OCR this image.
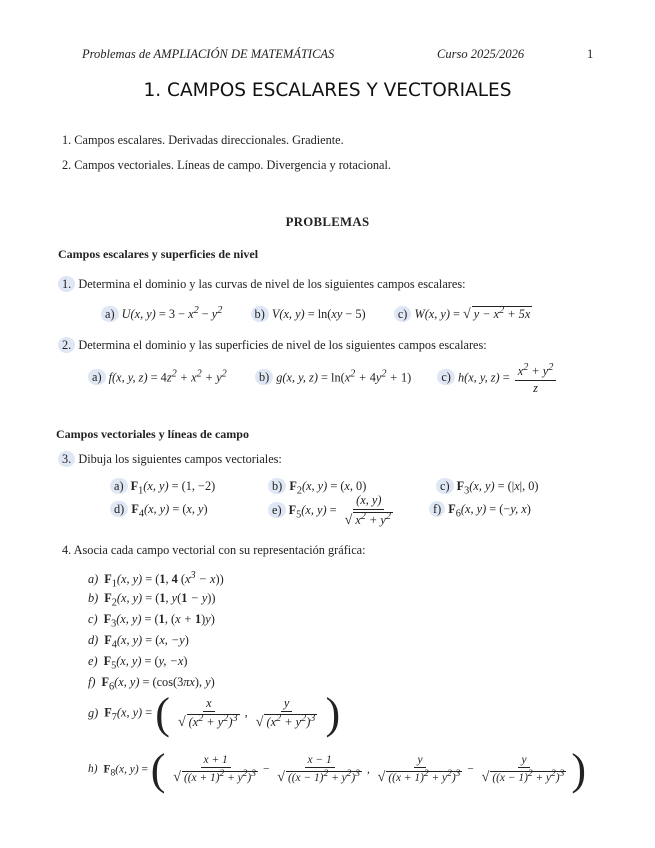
Problemas de AMPLIACIÓN DE MATEMÁTICAS	Curso 2025/2026	1
1. CAMPOS ESCALARES Y VECTORIALES
1. Campos escalares. Derivadas direccionales. Gradiente.
2. Campos vectoriales. Líneas de campo. Divergencia y rotacional.
PROBLEMAS
Campos escalares y superficies de nivel
1. Determina el dominio y las curvas de nivel de los siguientes campos escalares:
a) U(x, $y) = 3 - x^2 - y^2$	b) V(x, y) = ln(xy − 5)	c) W(x, y) = √ $y - x^2 + 5x$
2. Determina el dominio y las superficies de nivel de los siguientes campos escalares:
a) f(x, y, $z) = 4z^2 + x^2 + y^2$	b) g(x, y, $z) = \ln(x^2 + 4y^2 + 1)$ c) h(x, y, $z) = \frac{x^2 + y^2}{z}$
Campos vectoriales y líneas de campo
3. Dibuja los siguientes campos vectoriales:
a) $F_1(x$, y) = (1, −2)	b) $F_2(x$, y) = (x, 0)	c) $F_3(x$, y) = (|x|, 0)
d) $F_4(x$, y) = (x, y)	e) $F_5(x$, $y) = \frac{(x, y)}{√ x^2 + y^2}$	f) $F_6(x$, y) = (−y, x)
4. Asocia cada campo vectorial con su representación gráfica:
a) $F_1(x$, y) = (1, 4 $(x^3 - x)$)
b) $F_2(x$, y) = (1, y(1 − y))
c) $F_3(x$, y) = (1, (x + 1)y)
d) $F_4(x$, y) = (x, −y)
e) $F_5(x$, y) = (y, −x)
f) $F_6(x$, y) = (cos(3πx), y)
g) $F_7(x$, y) = ( $\frac{x}{√ (x^2 + y^2)^3}$ , $\frac{y}{√ (x^2 + y^2)^3}$ )
h) $F_8(x$, y) = ( $\frac{x + 1}{√ ((x + 1)^2 + y^2)^3} - \frac{x - 1}{√ ((x - 1)^2 + y^2)^3}$ , $\frac{y}{√ ((x + 1)^2 + y^2)^3} - \frac{y}{√ ((x - 1)^2 + y^2)^3}$ )
